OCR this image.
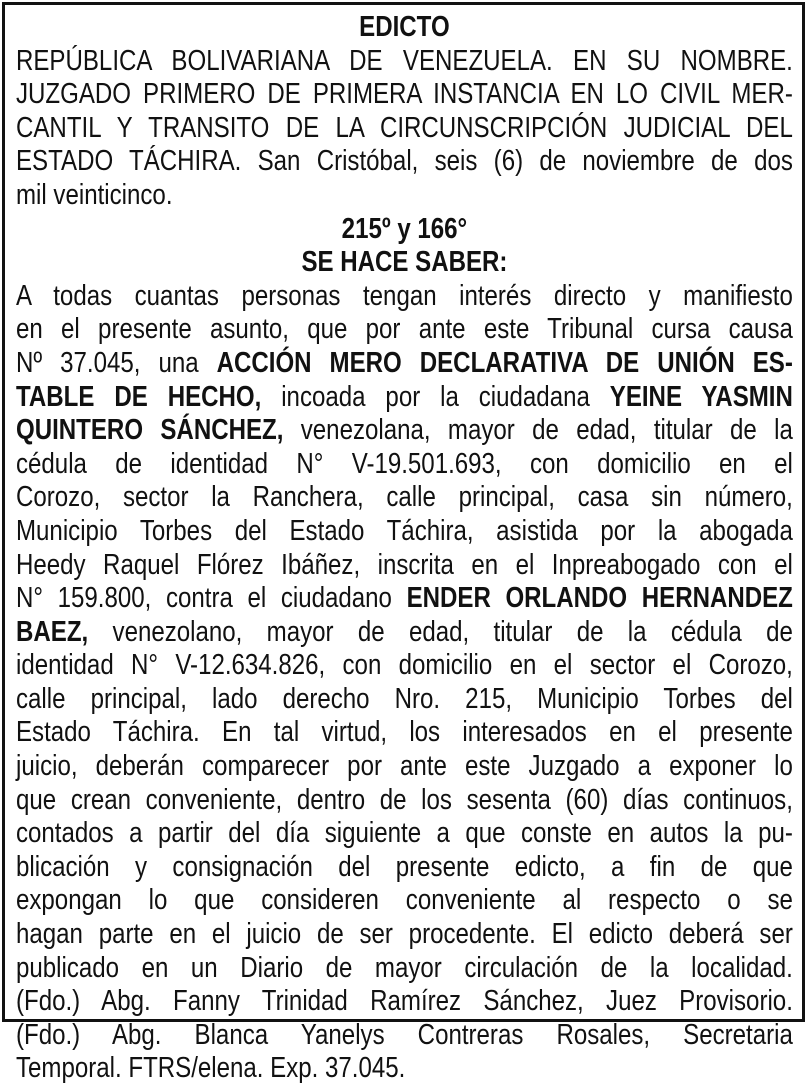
EDICTO
REPÚBLICA BOLIVARIANA DE VENEZUELA. EN SU NOMBRE.
JUZGADO PRIMERO DE PRIMERA INSTANCIA EN LO CIVIL MER-
CANTIL Y TRANSITO DE LA CIRCUNSCRIPCIÓN JUDICIAL DEL
ESTADO TÁCHIRA. San Cristóbal, seis (6) de noviembre de dos
mil veinticinco.
215º y 166°
SE HACE SABER:
A todas cuantas personas tengan interés directo y manifiesto
en el presente asunto, que por ante este Tribunal cursa causa
Nº 37.045, una ACCIÓN MERO DECLARATIVA DE UNIÓN ES-
TABLE DE HECHO, incoada por la ciudadana YEINE YASMIN
QUINTERO SÁNCHEZ, venezolana, mayor de edad, titular de la
cédula de identidad N° V-19.501.693, con domicilio en el
Corozo, sector la Ranchera, calle principal, casa sin número,
Municipio Torbes del Estado Táchira, asistida por la abogada
Heedy Raquel Flórez Ibáñez, inscrita en el Inpreabogado con el
N° 159.800, contra el ciudadano ENDER ORLANDO HERNANDEZ
BAEZ, venezolano, mayor de edad, titular de la cédula de
identidad N° V-12.634.826, con domicilio en el sector el Corozo,
calle principal, lado derecho Nro. 215, Municipio Torbes del
Estado Táchira. En tal virtud, los interesados en el presente
juicio, deberán comparecer por ante este Juzgado a exponer lo
que crean conveniente, dentro de los sesenta (60) días continuos,
contados a partir del día siguiente a que conste en autos la pu-
blicación y consignación del presente edicto, a fin de que
expongan lo que consideren conveniente al respecto o se
hagan parte en el juicio de ser procedente. El edicto deberá ser
publicado en un Diario de mayor circulación de la localidad.
(Fdo.) Abg. Fanny Trinidad Ramírez Sánchez, Juez Provisorio.
(Fdo.) Abg. Blanca Yanelys Contreras Rosales, Secretaria
Temporal. FTRS/elena. Exp. 37.045.
